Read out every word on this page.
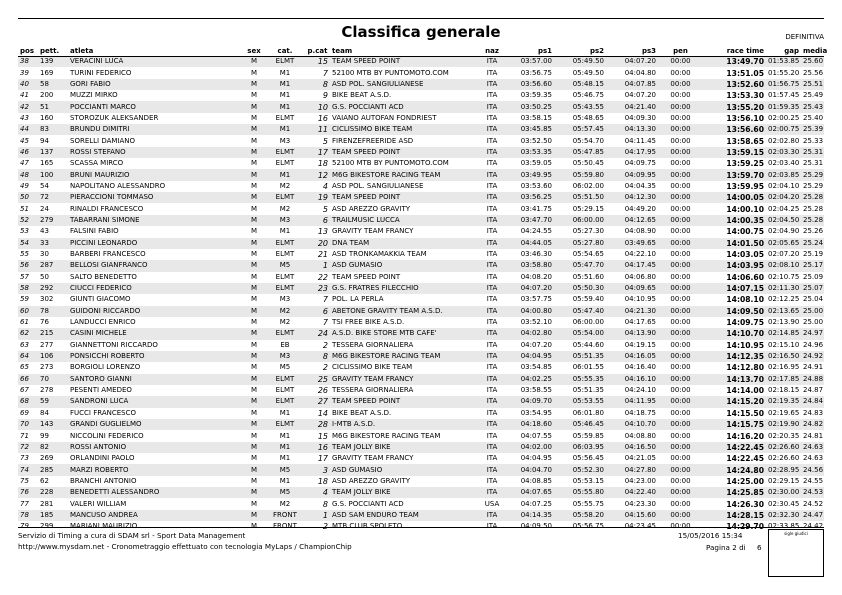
Classifica generale	DEFINITIVA
pos	pett.	atleta	sex	cat.	p.cat	team	naz	ps1	ps2	ps3	pen	race time	gap	media
38	139	VERACINI LUCA	M	ELMT	15	TEAM SPEED POINT	ITA	03:57.00	05:49.50	04:07.20	00:00	13:49.70	01:53.85	25.60
39	169	TURINI FEDERICO	M	M1	7	52100 MTB BY PUNTOMOTO.COM	ITA	03:56.75	05:49.50	04:04.80	00:00	13:51.05	01:55.20	25.56
40	58	GORI FABIO	M	M1	8	ASD POL. SANGIULIANESE	ITA	03:56.60	05:48.15	04:07.85	00:00	13:52.60	01:56.75	25.51
41	200	MUZZI MIRKO	M	M1	9	BIKE BEAT A.S.D.	ITA	03:59.35	05:46.75	04:07.20	00:00	13:53.30	01:57.45	25.49
42	51	POCCIANTI MARCO	M	M1	10	G.S. POCCIANTI ACD	ITA	03:50.25	05:43.55	04:21.40	00:00	13:55.20	01:59.35	25.43
43	160	STOROZUK ALEKSANDER	M	ELMT	16	VAIANO AUTOFAN FONDRIEST	ITA	03:58.15	05:48.65	04:09.30	00:00	13:56.10	02:00.25	25.40
44	83	BRUNDU DIMITRI	M	M1	11	CICLISSIMO BIKE TEAM	ITA	03:45.85	05:57.45	04:13.30	00:00	13:56.60	02:00.75	25.39
45	94	SORELLI DAMIANO	M	M3	5	FIRENZEFREERIDE ASD	ITA	03:52.50	05:54.70	04:11.45	00:00	13:58.65	02:02.80	25.33
46	137	ROSSI STEFANO	M	ELMT	17	TEAM SPEED POINT	ITA	03:53.35	05:47.85	04:17.95	00:00	13:59.15	02:03.30	25.31
47	165	SCASSA MIRCO	M	ELMT	18	52100 MTB BY PUNTOMOTO.COM	ITA	03:59.05	05:50.45	04:09.75	00:00	13:59.25	02:03.40	25.31
48	100	BRUNI MAURIZIO	M	M1	12	M6G BIKESTORE RACING TEAM	ITA	03:49.95	05:59.80	04:09.95	00:00	13:59.70	02:03.85	25.29
49	54	NAPOLITANO ALESSANDRO	M	M2	4	ASD POL. SANGIULIANESE	ITA	03:53.60	06:02.00	04:04.35	00:00	13:59.95	02:04.10	25.29
50	72	PIERACCIONI TOMMASO	M	ELMT	19	TEAM SPEED POINT	ITA	03:56.25	05:51.50	04:12.30	00:00	14:00.05	02:04.20	25.28
51	24	RINALDI FRANCESCO	M	M2	5	ASD AREZZO GRAVITY	ITA	03:41.75	05:29.15	04:49.20	00:00	14:00.10	02:04.25	25.28
52	279	TABARRANI SIMONE	M	M3	6	TRAILMUSIC LUCCA	ITA	03:47.70	06:00.00	04:12.65	00:00	14:00.35	02:04.50	25.28
53	43	FALSINI FABIO	M	M1	13	GRAVITY TEAM FRANCY	ITA	04:24.55	05:27.30	04:08.90	00:00	14:00.75	02:04.90	25.26
54	33	PICCINI LEONARDO	M	ELMT	20	DNA TEAM	ITA	04:44.05	05:27.80	03:49.65	00:00	14:01.50	02:05.65	25.24
55	30	BARBERI FRANCESCO	M	ELMT	21	ASD TRONKAMAKKIA TEAM	ITA	03:46.30	05:54.65	04:22.10	00:00	14:03.05	02:07.20	25.19
56	287	BELLOSI GIANFRANCO	M	M5	1	ASD GUMASIO	ITA	03:58.80	05:47.70	04:17.45	00:00	14:03.95	02:08.10	25.17
57	50	SALTO BENEDETTO	M	ELMT	22	TEAM SPEED POINT	ITA	04:08.20	05:51.60	04:06.80	00:00	14:06.60	02:10.75	25.09
58	292	CIUCCI FEDERICO	M	ELMT	23	G.S. FRATRES FILECCHIO	ITA	04:07.20	05:50.30	04:09.65	00:00	14:07.15	02:11.30	25.07
59	302	GIUNTI GIACOMO	M	M3	7	POL. LA PERLA	ITA	03:57.75	05:59.40	04:10.95	00:00	14:08.10	02:12.25	25.04
60	78	GUIDONI RICCARDO	M	M2	6	ABETONE GRAVITY TEAM A.S.D.	ITA	04:00.80	05:47.40	04:21.30	00:00	14:09.50	02:13.65	25.00
61	76	LANDUCCI ENRICO	M	M2	7	TSI FREE BIKE A.S.D.	ITA	03:52.10	06:00.00	04:17.65	00:00	14:09.75	02:13.90	25.00
62	215	CASINI MICHELE	M	ELMT	24	A.S.D. BIKE STORE MTB CAFE'	ITA	04:02.80	05:54.00	04:13.90	00:00	14:10.70	02:14.85	24.97
63	277	GIANNETTONI RICCARDO	M	EB	2	TESSERA GIORNALIERA	ITA	04:07.20	05:44.60	04:19.15	00:00	14:10.95	02:15.10	24.96
64	106	PONSICCHI ROBERTO	M	M3	8	M6G BIKESTORE RACING TEAM	ITA	04:04.95	05:51.35	04:16.05	00:00	14:12.35	02:16.50	24.92
65	273	BORGIOLI LORENZO	M	M5	2	CICLISSIMO BIKE TEAM	ITA	03:54.85	06:01.55	04:16.40	00:00	14:12.80	02:16.95	24.91
66	70	SANTORO GIANNI	M	ELMT	25	GRAVITY TEAM FRANCY	ITA	04:02.25	05:55.35	04:16.10	00:00	14:13.70	02:17.85	24.88
67	278	PESENTI AMEDEO	M	ELMT	26	TESSERA GIORNALIERA	ITA	03:58.55	05:51.35	04:24.10	00:00	14:14.00	02:18.15	24.87
68	59	SANDRONI LUCA	M	ELMT	27	TEAM SPEED POINT	ITA	04:09.70	05:53.55	04:11.95	00:00	14:15.20	02:19.35	24.84
69	84	FUCCI FRANCESCO	M	M1	14	BIKE BEAT A.S.D.	ITA	03:54.95	06:01.80	04:18.75	00:00	14:15.50	02:19.65	24.83
70	143	GRANDI GUGLIELMO	M	ELMT	28	I-MTB A.S.D.	ITA	04:18.60	05:46.45	04:10.70	00:00	14:15.75	02:19.90	24.82
71	99	NICCOLINI FEDERICO	M	M1	15	M6G BIKESTORE RACING TEAM	ITA	04:07.55	05:59.85	04:08.80	00:00	14:16.20	02:20.35	24.81
72	82	ROSSI ANTONIO	M	M1	16	TEAM JOLLY BIKE	ITA	04:02.00	06:03.95	04:16.50	00:00	14:22.45	02:26.60	24.63
73	269	ORLANDINI PAOLO	M	M1	17	GRAVITY TEAM FRANCY	ITA	04:04.95	05:56.45	04:21.05	00:00	14:22.45	02:26.60	24.63
74	285	MARZI ROBERTO	M	M5	3	ASD GUMASIO	ITA	04:04.70	05:52.30	04:27.80	00:00	14:24.80	02:28.95	24.56
75	62	BRANCHI ANTONIO	M	M1	18	ASD AREZZO GRAVITY	ITA	04:08.85	05:53.15	04:23.00	00:00	14:25.00	02:29.15	24.55
76	228	BENEDETTI ALESSANDRO	M	M5	4	TEAM JOLLY BIKE	ITA	04:07.65	05:55.80	04:22.40	00:00	14:25.85	02:30.00	24.53
77	281	VALERI WILLIAM	M	M2	8	G.S. POCCIANTI ACD	USA	04:07.25	05:55.75	04:23.30	00:00	14:26.30	02:30.45	24.52
78	185	MANCUSO ANDREA	M	FRONT	1	ASD SAM ENDURO TEAM	ITA	04:14.35	05:58.20	04:15.60	00:00	14:28.15	02:32.30	24.47
79	299	MARIANI MAURIZIO	M	FRONT	2	MTB CLUB SPOLETO	ITA	04:09.50	05:56.75	04:23.45	00:00	14:29.70	02:33.85	24.42
Servizio di Timing a cura di SDAM srl - Sport Data Management
http://www.mysdam.net - Cronometraggio effettuato con tecnologia MyLaps / ChampionChip
15/05/2016 15:34
Pagina 2 di 6
sigle giudici
